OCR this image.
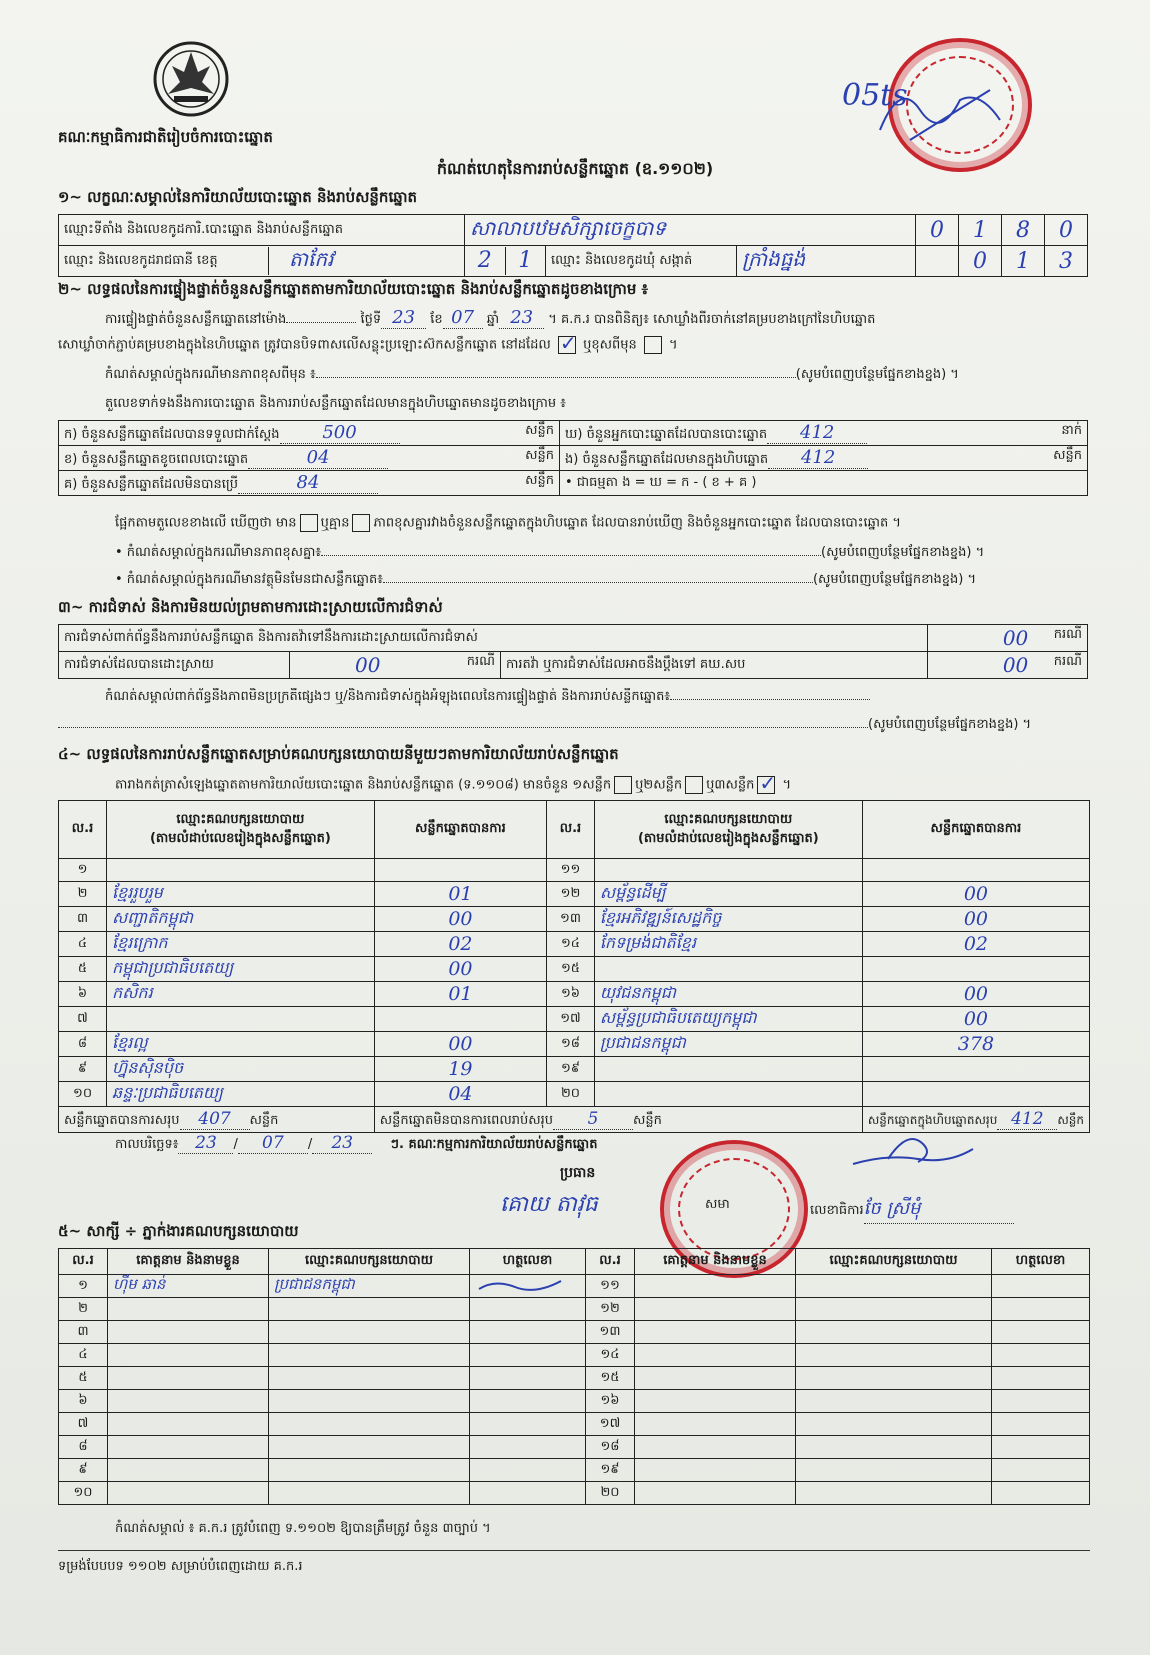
គណៈកម្មាធិការជាតិរៀបចំការបោះឆ្នោត
05ts
កំណត់ហេតុនៃការរាប់សន្លឹកឆ្នោត (ឧ.១១០២)
១~ លក្ខណៈសម្គាល់នៃការិយាល័យបោះឆ្នោត និងរាប់សន្លឹកឆ្នោត
ឈ្មោះទីតាំង និងលេខកូដការិ.បោះឆ្នោត និងរាប់សន្លឹកឆ្នោត	សាលាបឋមសិក្សាចេក្ខបាទ			0	1	8	0

ឈ្មោះ និងលេខកូដរាជធានី ខេត្ត តាកែវ	2 1	ឈ្មោះ និងលេខកូដឃុំ សង្កាត់	ក្រាំងធ្នង់		0	1	3
២~ លទ្ធផលនៃការផ្ទៀងផ្ទាត់ចំនួនសន្លឹកឆ្នោតតាមការិយាល័យបោះឆ្នោត និងរាប់សន្លឹកឆ្នោតដូចខាងក្រោម ៖
ការផ្ទៀងផ្ទាត់ចំនួនសន្លឹកឆ្នោតនៅម៉ោង	ថ្ងៃទី 23 ខែ 07 ឆ្នាំ 23 ។ គ.ក.រ បានពិនិត្យ៖ សោឃ្លាំងពីរចាក់នៅគម្របខាងក្រៅនៃហិបឆ្នោត
សោឃ្លាំចាក់ភ្ជាប់គម្របខាងក្នុងនៃហិបឆ្នោត ត្រូវបានបិទពាសលើសន្លុះប្រឡោះស៊កសន្លឹកឆ្នោត នៅដដែល ✓ ឬខុសពីមុន  ។
កំណត់សម្គាល់ក្នុងករណីមានភាពខុសពីមុន ៖	(សូមបំពេញបន្ថែមផ្នែកខាងខ្នង) ។
តួលេខទាក់ទងនឹងការបោះឆ្នោត និងការរាប់សន្លឹកឆ្នោតដែលមានក្នុងហិបឆ្នោតមានដូចខាងក្រោម ៖
ក) ចំនួនសន្លឹកឆ្នោតដែលបានទទួលជាក់ស្តែង 500 សន្លឹក	ឃ) ចំនួនអ្នកបោះឆ្នោតដែលបានបោះឆ្នោត 412 នាក់

ខ) ចំនួនសន្លឹកឆ្នោតខូចពេលបោះឆ្នោត 04 សន្លឹក	ង) ចំនួនសន្លឹកឆ្នោតដែលមានក្នុងហិបឆ្នោត 412 សន្លឹក

គ) ចំនួនសន្លឹកឆ្នោតដែលមិនបានប្រើ 84 សន្លឹក	• ជាធម្មតា ង = ឃ = ក - ( ខ + គ )
ផ្អែកតាមតួលេខខាងលើ ឃើញថា មាន ឬគ្មាន ភាពខុសគ្នារវាងចំនួនសន្លឹកឆ្នោតក្នុងហិបឆ្នោត ដែលបានរាប់ឃើញ និងចំនួនអ្នកបោះឆ្នោត ដែលបានបោះឆ្នោត ។
• កំណត់សម្គាល់ក្នុងករណីមានភាពខុសគ្នា៖	(សូមបំពេញបន្ថែមផ្នែកខាងខ្នង) ។
• កំណត់សម្គាល់ក្នុងករណីមានវត្ថុមិនមែនជាសន្លឹកឆ្នោត៖	(សូមបំពេញបន្ថែមផ្នែកខាងខ្នង) ។
៣~ ការជំទាស់ និងការមិនយល់ព្រមតាមការដោះស្រាយលើការជំទាស់
ការជំទាស់ពាក់ព័ន្ធនឹងការរាប់សន្លឹកឆ្នោត និងការតវ៉ាទៅនឹងការដោះស្រាយលើការជំទាស់			00 ករណី

ការជំទាស់ដែលបានដោះស្រាយ	00 ករណី	ការតវ៉ា ឬការជំទាស់ដែលអាចនឹងប្តឹងទៅ គឃ.សប	00 ករណី
កំណត់សម្គាល់ពាក់ព័ន្ធនឹងភាពមិនប្រក្រតីផ្សេងៗ ឬ/និងការជំទាស់ក្នុងអំឡុងពេលនៃការផ្ទៀងផ្ទាត់ និងការរាប់សន្លឹកឆ្នោត៖
(សូមបំពេញបន្ថែមផ្នែកខាងខ្នង) ។
៤~ លទ្ធផលនៃការរាប់សន្លឹកឆ្នោតសម្រាប់គណបក្សនយោបាយនីមួយៗតាមការិយាល័យរាប់សន្លឹកឆ្នោត
តារាងកត់ត្រាសំឡេងឆ្នោតតាមការិយាល័យបោះឆ្នោត និងរាប់សន្លឹកឆ្នោត (ទ.១១០៨) មានចំនួន ១សន្លឹក ឬ២សន្លឹក ឬ៣សន្លឹក✓ ។
ល.រ	ឈ្មោះគណបក្សនយោបាយ
(តាមលំដាប់លេខរៀងក្នុងសន្លឹកឆ្នោត)	សន្លឹកឆ្នោតបានការ	ល.រ	ឈ្មោះគណបក្សនយោបាយ
(តាមលំដាប់លេខរៀងក្នុងសន្លឹកឆ្នោត)	សន្លឹកឆ្នោតបានការ
១			១១		
២	ខ្មែររួបរួម	01	១២	សម្ព័ន្ធដើម្បី	00
៣	សញ្ជាតិកម្ពុជា	00	១៣	ខ្មែរអភិវឌ្ឍន៍សេដ្ឋកិច្ច	00
៤	ខ្មែរក្រោក	02	១៤	កែទម្រង់ជាតិខ្មែរ	02
៥	កម្ពុជាប្រជាធិបតេយ្យ	00	១៥		
៦	កសិករ	01	១៦	យុវជនកម្ពុជា	00
៧			១៧	សម្ព័ន្ធប្រជាធិបតេយ្យកម្ពុជា	00
៨	ខ្មែរល្អ	00	១៨	ប្រជាជនកម្ពុជា	378
៩	ហ្វ៊ុនស៊ិនប៉ិច	19	១៩		
១០	ឆន្ទៈប្រជាធិបតេយ្យ	04	២០		
សន្លឹកឆ្នោតបានការសរុប 407 សន្លឹក		សន្លឹកឆ្នោតមិនបានការពេលរាប់សរុប 5 សន្លឹក			សន្លឹកឆ្នោតក្នុងហិបឆ្នោតសរុប 412 សន្លឹក
កាលបរិច្ឆេទ៖ 23 / 07 / 23	ៗ. គណៈកម្មការការិយាល័យរាប់សន្លឹកឆ្នោត
ប្រធាន
គោយ តាវុធ	សមា	លេខាធិការចែ ស្រីមុំ
៥~ សាក្សី ÷ ភ្នាក់ងារគណបក្សនយោបាយ
ល.រ	គោត្តនាម និងនាមខ្លួន	ឈ្មោះគណបក្សនយោបាយ	ហត្ថលេខា	ល.រ	គោត្តនាម និងនាមខ្លួន	ឈ្មោះគណបក្សនយោបាយ	ហត្ថលេខា
១	ហ៊ឹម ឆាន់	ប្រជាជនកម្ពុជា		១១			
២				១២			
៣				១៣			
៤				១៤			
៥				១៥			
៦				១៦			
៧				១៧			
៨				១៨			
៩				១៩			
១០				២០			
កំណត់សម្គាល់ ៖ គ.ក.រ ត្រូវបំពេញ ទ.១១០២ ឱ្យបានត្រឹមត្រូវ ចំនួន ៣ច្បាប់ ។
ទម្រង់បែបបទ ១១០២ សម្រាប់បំពេញដោយ គ.ក.រ
